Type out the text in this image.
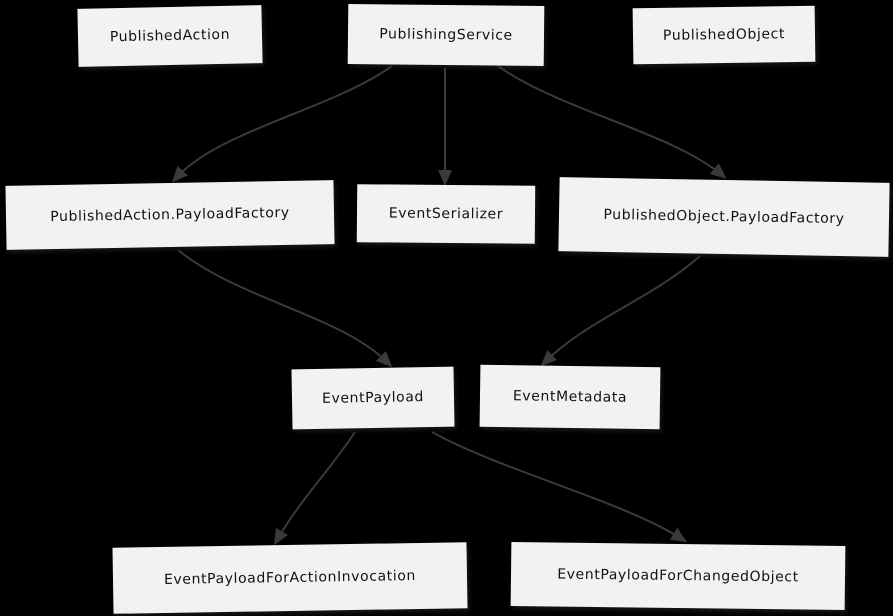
PublishedAction	PublishingService	PublishedObject
PublishedAction.PayloadFactory	EventSerializer	PublishedObject.PayloadFactory
EventPayload	EventMetadata
EventPayloadForActionInvocation	EventPayloadForChangedObject
